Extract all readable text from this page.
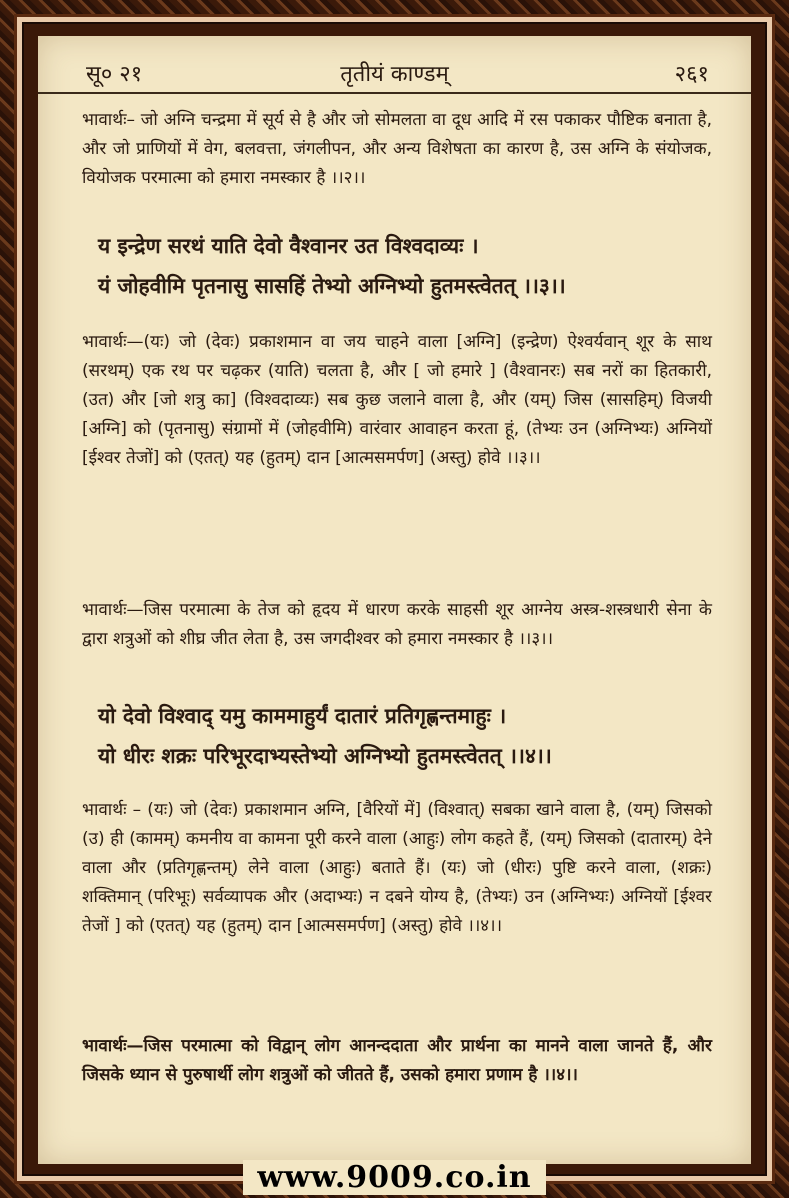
सू० २१	तृतीयं काण्डम्	२६१
भावार्थः– जो अग्नि चन्द्रमा में सूर्य से है और जो सोमलता वा दूध आदि में रस पकाकर पौष्टिक बनाता है, और जो प्राणियों में वेग, बलवत्ता, जंगलीपन, और अन्य विशेषता का कारण है, उस अग्नि के संयोजक, वियोजक परमात्मा को हमारा नमस्कार है ।।२।।
य इन्द्रेण सरथं याति देवो वैश्वानर उत विश्वदाव्यः ।
यं जोहवीमि पृतनासु सासहिं तेभ्यो अग्निभ्यो हुतमस्त्वेतत् ।।३।।
भावार्थः—(यः) जो (देवः) प्रकाशमान वा जय चाहने वाला [अग्नि] (इन्द्रेण) ऐश्वर्यवान् शूर के साथ (सरथम्) एक रथ पर चढ़कर (याति) चलता है, और [ जो हमारे ] (वैश्वानरः) सब नरों का हितकारी, (उत) और [जो शत्रु का] (विश्वदाव्यः) सब कुछ जलाने वाला है, और (यम्) जिस (सासहिम्) विजयी [अग्नि] को (पृतनासु) संग्रामों में (जोहवीमि) वारंवार आवाहन करता हूं, (तेभ्यः उन (अग्निभ्यः) अग्नियों [ईश्वर तेजों] को (एतत्) यह (हुतम्) दान [आत्मसमर्पण] (अस्तु) होवे ।।३।।
भावार्थः—जिस परमात्मा के तेज को हृदय में धारण करके साहसी शूर आग्नेय अस्त्र-शस्त्रधारी सेना के द्वारा शत्रुओं को शीघ्र जीत लेता है, उस जगदीश्वर को हमारा नमस्कार है ।।३।।
यो देवो विश्वाद् यमु काममाहुर्यं दातारं प्रतिगृह्णन्तमाहुः ।
यो धीरः शक्रः परिभूरदाभ्यस्तेभ्यो अग्निभ्यो हुतमस्त्वेतत् ।।४।।
भावार्थः – (यः) जो (देवः) प्रकाशमान अग्नि, [वैरियों में] (विश्वात्) सबका खाने वाला है, (यम्) जिसको (उ) ही (कामम्) कमनीय वा कामना पूरी करने वाला (आहुः) लोग कहते हैं, (यम्) जिसको (दातारम्) देने वाला और (प्रतिगृह्णन्तम्) लेने वाला (आहुः) बताते हैं। (यः) जो (धीरः) पुष्टि करने वाला, (शक्रः) शक्तिमान् (परिभूः) सर्वव्यापक और (अदाभ्यः) न दबने योग्य है, (तेभ्यः) उन (अग्निभ्यः) अग्नियों [ईश्वर तेजों ] को (एतत्) यह (हुतम्) दान [आत्मसमर्पण] (अस्तु) होवे ।।४।।
भावार्थः—जिस परमात्मा को विद्वान् लोग आनन्ददाता और प्रार्थना का मानने वाला जानते हैं, और जिसके ध्यान से पुरुषार्थी लोग शत्रुओं को जीतते हैं, उसको हमारा प्रणाम है ।।४।।
www.9009.co.in
